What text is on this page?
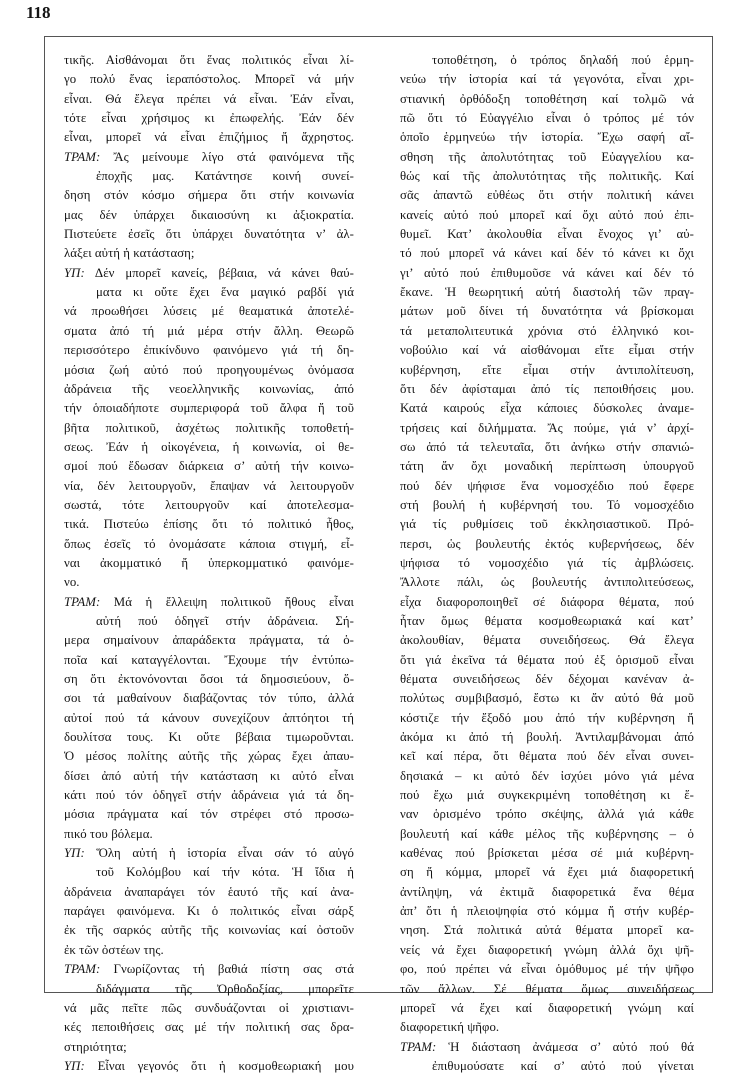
118
τικῆς. Αἰσθάνομαι ὅτι ἕνας πολιτικός εἶναι λί-
γο πολύ ἕνας ἱεραπόστολος. Μπορεῖ νά μήν
εἶναι. Θά ἔλεγα πρέπει νά εἶναι. Ἐάν εἶναι,
τότε εἶναι χρήσιμος κι ἐπωφελής. Ἐάν δέν
εἶναι, μπορεῖ νά εἶναι ἐπιζήμιος ἤ ἄχρηστος.
ΤΡΑΜ: Ἄς μείνουμε λίγο στά φαινόμενα τῆς
ἐποχῆς μας. Κατάντησε κοινή συνεί-
δηση στόν κόσμο σήμερα ὅτι στήν κοινωνία
μας δέν ὑπάρχει δικαιοσύνη κι ἀξιοκρατία.
Πιστεύετε ἐσεῖς ὅτι ὑπάρχει δυνατότητα ν’ ἀλ-
λάξει αὐτή ἡ κατάσταση;
ΥΠ: Δέν μπορεῖ κανείς, βέβαια, νά κάνει θαύ-
ματα κι οὔτε ἔχει ἕνα μαγικό ραβδί γιά
νά προωθήσει λύσεις μέ θεαματικά ἀποτελέ-
σματα ἀπό τή μιά μέρα στήν ἄλλη. Θεωρῶ
περισσότερο ἐπικίνδυνο φαινόμενο γιά τή δη-
μόσια ζωή αὐτό πού προηγουμένως ὀνόμασα
ἀδράνεια τῆς νεοελληνικῆς κοινωνίας, ἀπό
τήν ὁποιαδήποτε συμπεριφορά τοῦ ἄλφα ἤ τοῦ
βῆτα πολιτικοῦ, ἀσχέτως πολιτικῆς τοποθετή-
σεως. Ἐάν ἡ οἰκογένεια, ἡ κοινωνία, οἱ θε-
σμοί πού ἔδωσαν διάρκεια σ’ αὐτή τήν κοινω-
νία, δέν λειτουργοῦν, ἔπαψαν νά λειτουργοῦν
σωστά, τότε λειτουργοῦν καί ἀποτελεσμα-
τικά. Πιστεύω ἐπίσης ὅτι τό πολιτικό ἦθος,
ὅπως ἐσεῖς τό ὀνομάσατε κάποια στιγμή, εἶ-
ναι ἀκομματικό ἤ ὑπερκομματικό φαινόμε-
νο.
ΤΡΑΜ: Μά ἡ ἔλλειψη πολιτικοῦ ἤθους εἶναι
αὐτή πού ὁδηγεῖ στήν ἀδράνεια. Σή-
μερα σημαίνουν ἀπαράδεκτα πράγματα, τά ὁ-
ποῖα καί καταγγέλονται. Ἔχουμε τήν ἐντύπω-
ση ὅτι ἐκτονόνονται ὅσοι τά δημοσιεύουν, ὅ-
σοι τά μαθαίνουν διαβάζοντας τόν τύπο, ἀλλά
αὐτοί πού τά κάνουν συνεχίζουν ἀπτόητοι τή
δουλίτσα τους. Κι οὔτε βέβαια τιμωροῦνται.
Ὁ μέσος πολίτης αὐτῆς τῆς χώρας ἔχει ἀπαυ-
δίσει ἀπό αὐτή τήν κατάσταση κι αὐτό εἶναι
κάτι πού τόν ὁδηγεῖ στήν ἀδράνεια γιά τά δη-
μόσια πράγματα καί τόν στρέφει στό προσω-
πικό του βόλεμα.
ΥΠ: Ὅλη αὐτή ἡ ἱστορία εἶναι σάν τό αὐγό
τοῦ Κολόμβου καί τήν κότα. Ἡ ἴδια ἡ
ἀδράνεια ἀναπαράγει τόν ἑαυτό τῆς καί ἀνα-
παράγει φαινόμενα. Κι ὁ πολιτικός εἶναι σάρξ
ἐκ τῆς σαρκός αὐτῆς τῆς κοινωνίας καί ὀστοῦν
ἐκ τῶν ὀστέων της.
ΤΡΑΜ: Γνωρίζοντας τή βαθιά πίστη σας στά
διδάγματα τῆς Ὀρθοδοξίας, μπορεῖτε
νά μᾶς πεῖτε πῶς συνδυάζονται οἱ χριστιανι-
κές πεποιθήσεις σας μέ τήν πολιτική σας δρα-
στηριότητα;
ΥΠ: Εἶναι γεγονός ὅτι ἡ κοσμοθεωριακή μου
τοποθέτηση, ὁ τρόπος δηλαδή πού ἑρμη-
νεύω τήν ἱστορία καί τά γεγονότα, εἶναι χρι-
στιανική ὀρθόδοξη τοποθέτηση καί τολμῶ νά
πῶ ὅτι τό Εὐαγγέλιο εἶναι ὁ τρόπος μέ τόν
ὁποῖο ἑρμηνεύω τήν ἱστορία. Ἔχω σαφή αἴ-
σθηση τῆς ἀπολυτότητας τοῦ Εὐαγγελίου κα-
θώς καί τῆς ἀπολυτότητας τῆς πολιτικῆς. Καί
σᾶς ἀπαντῶ εὐθέως ὅτι στήν πολιτική κάνει
κανείς αὐτό πού μπορεῖ καί ὄχι αὐτό πού ἐπι-
θυμεῖ. Κατ’ ἀκολουθία εἶναι ἔνοχος γι’ αὐ-
τό πού μπορεῖ νά κάνει καί δέν τό κάνει κι ὄχι
γι’ αὐτό πού ἐπιθυμοῦσε νά κάνει καί δέν τό
ἔκανε. Ἡ θεωρητική αὐτή διαστολή τῶν πραγ-
μάτων μοῦ δίνει τή δυνατότητα νά βρίσκομαι
τά μεταπολιτευτικά χρόνια στό ἑλληνικό κοι-
νοβούλιο καί νά αἰσθάνομαι εἴτε εἶμαι στήν
κυβέρνηση, εἴτε εἶμαι στήν ἀντιπολίτευση,
ὅτι δέν ἀφίσταμαι ἀπό τίς πεποιθήσεις μου.
Κατά καιρούς εἶχα κάποιες δύσκολες ἀναμε-
τρήσεις καί διλήμματα. Ἄς πούμε, γιά ν’ ἀρχί-
σω ἀπό τά τελευταῖα, ὅτι ἀνήκω στήν σπανιώ-
τάτη ἄν ὄχι μοναδική περίπτωση ὑπουργοῦ
πού δέν ψήφισε ἕνα νομοσχέδιο πού ἔφερε
στή βουλή ἡ κυβέρνησή του. Τό νομοσχέδιο
γιά τίς ρυθμίσεις τοῦ ἐκκλησιαστικοῦ. Πρό-
περσι, ὡς βουλευτής ἐκτός κυβερνήσεως, δέν
ψήφισα τό νομοσχέδιο γιά τίς ἀμβλώσεις.
Ἄλλοτε πάλι, ὡς βουλευτής ἀντιπολιτεύσεως,
εἶχα διαφοροποιηθεῖ σέ διάφορα θέματα, πού
ἦταν ὅμως θέματα κοσμοθεωριακά καί κατ’
ἀκολουθίαν, θέματα συνειδήσεως. Θά ἔλεγα
ὅτι γιά ἐκεῖνα τά θέματα πού ἐξ ὁρισμοῦ εἶναι
θέματα συνειδήσεως δέν δέχομαι κανέναν ἀ-
πολύτως συμβιβασμό, ἔστω κι ἄν αὐτό θά μοῦ
κόστιζε τήν ἔξοδό μου ἀπό τήν κυβέρνηση ἤ
ἀκόμα κι ἀπό τή βουλή. Ἀντιλαμβάνομαι ἀπό
κεῖ καί πέρα, ὅτι θέματα πού δέν εἶναι συνει-
δησιακά – κι αὐτό δέν ἰσχύει μόνο γιά μένα
πού ἔχω μιά συγκεκριμένη τοποθέτηση κι ἕ-
ναν ὁρισμένο τρόπο σκέψης, ἀλλά γιά κάθε
βουλευτή καί κάθε μέλος τῆς κυβέρνησης – ὁ
καθένας πού βρίσκεται μέσα σέ μιά κυβέρνη-
ση ἤ κόμμα, μπορεῖ νά ἔχει μιά διαφορετική
ἀντίληψη, νά ἐκτιμᾶ διαφορετικά ἕνα θέμα
ἀπ’ ὅτι ἡ πλειοψηφία στό κόμμα ἤ στήν κυβέρ-
νηση. Στά πολιτικά αὐτά θέματα μπορεῖ κα-
νείς νά ἔχει διαφορετική γνώμη ἀλλά ὄχι ψῆ-
φο, πού πρέπει νά εἶναι ὁμόθυμος μέ τήν ψῆφο
τῶν ἄλλων. Σέ θέματα ὅμως συνειδήσεως
μπορεῖ νά ἔχει καί διαφορετική γνώμη καί
διαφορετική ψῆφο.
ΤΡΑΜ: Ἡ διάσταση ἀνάμεσα σ’ αὐτό πού θά
ἐπιθυμούσατε καί σ’ αὐτό πού γίνεται
